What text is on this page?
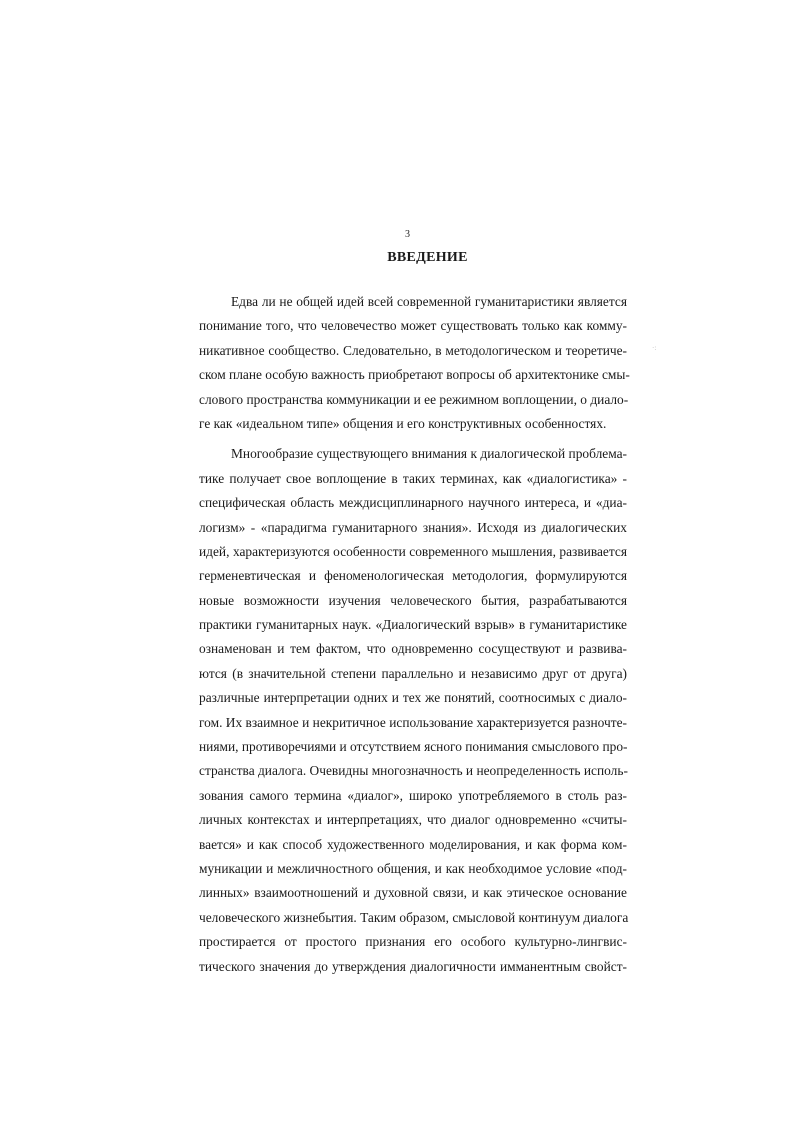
3
ВВЕДЕНИЕ
Едва ли не общей идей всей современной гуманитаристики является
понимание того, что человечество может существовать только как комму-
никативное сообщество. Следовательно, в методологическом и теоретиче-
ском плане особую важность приобретают вопросы об архитектонике смы-
слового пространства коммуникации и ее режимном воплощении, о диало-
ге как «идеальном типе» общения и его конструктивных особенностях.
Многообразие существующего внимания к диалогической проблема-
тике получает свое воплощение в таких терминах, как «диалогистика» -
специфическая область междисциплинарного научного интереса, и «диа-
логизм» - «парадигма гуманитарного знания». Исходя из диалогических
идей, характеризуются особенности современного мышления, развивается
герменевтическая и феноменологическая методология, формулируются
новые возможности изучения человеческого бытия, разрабатываются
практики гуманитарных наук. «Диалогический взрыв» в гуманитаристике
ознаменован и тем фактом, что одновременно сосуществуют и развива-
ются (в значительной степени параллельно и независимо друг от друга)
различные интерпретации одних и тех же понятий, соотносимых с диало-
гом. Их взаимное и некритичное использование характеризуется разночте-
ниями, противоречиями и отсутствием ясного понимания смыслового про-
странства диалога. Очевидны многозначность и неопределенность исполь-
зования самого термина «диалог», широко употребляемого в столь раз-
личных контекстах и интерпретациях, что диалог одновременно «считы-
вается» и как способ художественного моделирования, и как форма ком-
муникации и межличностного общения, и как необходимое условие «под-
линных» взаимоотношений и духовной связи, и как этическое основание
человеческого жизнебытия. Таким образом, смысловой континуум диалога
простирается от простого признания его особого культурно-лингвис-
тического значения до утверждения диалогичности имманентным свойст-
·:
